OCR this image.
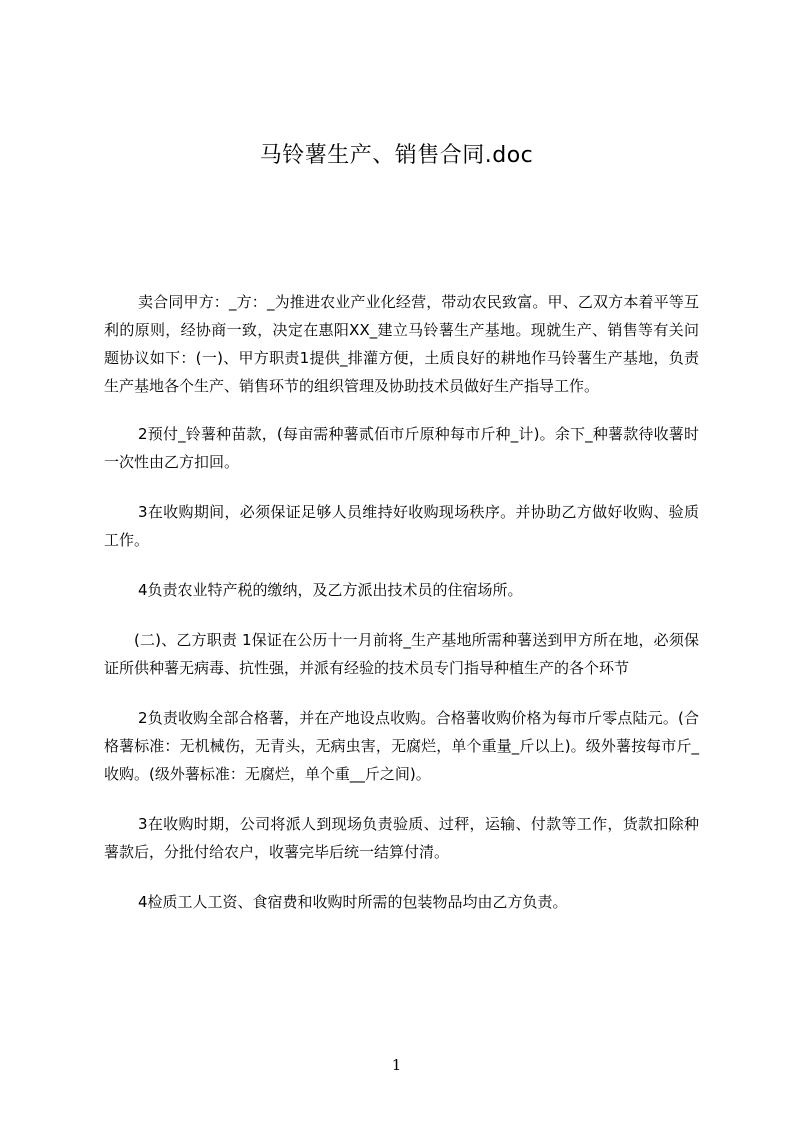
马铃薯生产、销售合同.doc

卖合同甲方：_方：_为推进农业产业化经营，带动农民致富。甲、乙双方本着平等互利的原则，经协商一致，决定在惠阳XX_建立马铃薯生产基地。现就生产、销售等有关问题协议如下：(一)、甲方职责1提供_排灌方便，土质良好的耕地作马铃薯生产基地，负责生产基地各个生产、销售环节的组织管理及协助技术员做好生产指导工作。

2预付_铃薯种苗款，(每亩需种薯贰佰市斤原种每市斤种_计)。余下_种薯款待收薯时一次性由乙方扣回。

3在收购期间，必须保证足够人员维持好收购现场秩序。并协助乙方做好收购、验质工作。

4负责农业特产税的缴纳，及乙方派出技术员的住宿场所。

(二)、乙方职责 1保证在公历十一月前将_生产基地所需种薯送到甲方所在地，必须保证所供种薯无病毒、抗性强，并派有经验的技术员专门指导种植生产的各个环节

2负责收购全部合格薯，并在产地设点收购。合格薯收购价格为每市斤零点陆元。(合格薯标准：无机械伤，无青头，无病虫害，无腐烂，单个重量_斤以上)。级外薯按每市斤_收购。(级外薯标准：无腐烂，单个重__斤之间)。

3在收购时期，公司将派人到现场负责验质、过秤，运输、付款等工作，货款扣除种薯款后，分批付给农户，收薯完毕后统一结算付清。

4检质工人工资、食宿费和收购时所需的包装物品均由乙方负责。

1
